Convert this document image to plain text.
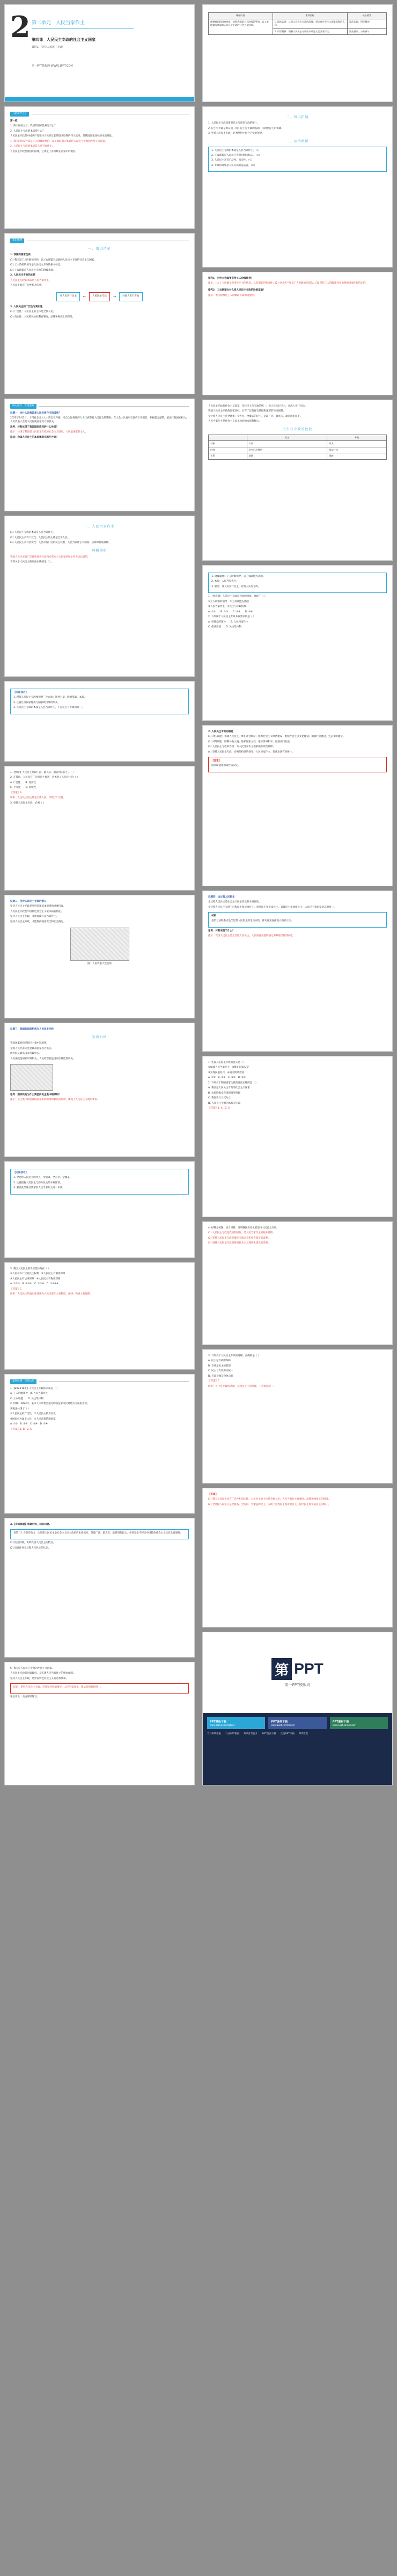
2 第二单元　人民当家作主
第四课　人民民主专政的社会主义国家
课时1　坚持人民民主专政
第一PPT模板网-WWW.1PPT.COM
【新知导入】

第一框

1. 新中国成立后，我国的国家性质是什么？

2. 人民民主专政的本质是什么？

人民民主专政是中国共产党领导人民经过长期奋斗取得的伟大成果，是我国国家政权的本质特征。

1. 我国的国家性质是工人阶级领导的、以工农联盟为基础的人民民主专政的社会主义国家。

2. 人民民主专政的本质是人民当家作主。

人民民主专政是我国的国体，它规定了各阶级在国家中的地位。

知识梳理
一、知识清单

1. 我国的国家性质

(1) 我国是工人阶级领导的、以工农联盟为基础的人民民主专政的社会主义国家。

(2) 工人阶级的领导是人民民主专政的根本标志。

(3) 工农联盟是人民民主专政的阶级基础。

2. 人民民主专政的本质

人民民主专政的本质是人民当家作主。

人民民主具有广泛性和真实性。

对人民实行民主	←	人民民主专政	→	对敌人实行专政

3. 人民民主的广泛性与真实性

(1) 广泛性：人民民主的主体是全体人民。

(2) 真实性：人民的民主权利有制度、法律和物质上的保障。

核心探究　讲透重难

议题一　为什么说我国是人民当家作主的国家？

2023年3月5日，十四届全国人大一次会议开幕。来自全国各地的人大代表带着人民群众的期盼，在大会上认真审议政府工作报告，积极建言献策，依法行使国家权力。人民代表大会是人民行使国家权力的机关。

思考：材料体现了我国国家政权的什么性质？

提示：体现了我国是人民民主专政的社会主义国家，人民是国家的主人。

追问：我国人民民主的本质体现在哪些方面？

一、人民当家作主

(1) 人民民主专政的本质是人民当家作主。

(2) 人民民主具有广泛性：人民民主的主体是全体人民。

(3) 人民民主具有真实性：人民享有广泛的民主权利，人民当家作主有制度、法律和物质保障。

典例剖析

我国人民民主的广泛性和真实性是西方资本主义国家的民主所无法比拟的。

下列关于人民民主的说法正确的是（ ）。

【方法技巧】

1. 理解人民民主专政要把握三个方面：领导力量、阶级基础、本质。

2. 注意区分国家性质与国家政权组织形式。

3. 人民民主专政的本质是人民当家作主，不是民主与专政的统一。

1.【判断】人民民主是最广泛、最真实、最管用的民主。（ ）

2. 在我国，人民享有广泛的民主权利，这体现了人民民主的（ ）

A. 广泛性　　B. 真实性

C. 平等性　　D. 阶级性

【答案】A

解析：人民民主的主体是全体人民，体现了广泛性。

3. 坚持人民民主专政，必须（ ）

议题二　坚持人民民主专政的意义

坚持人民民主专政是坚持四项基本原则的重要内容。

人民民主专政是中国特色社会主义最本质的特征。

坚持人民民主专政，才能保障人民当家作主。

坚持人民民主专政，才能维护国家安全和社会稳定。

图：人民代表大会会场

议题三　我国的国家机构与人民民主专政

知识归纳

我国国家机构坚持民主集中制原则。

全国人民代表大会是最高国家权力机关。

国务院是最高国家行政机关。

人民法院是国家审判机关，人民检察院是国家法律监督机关。

思考：国家机构为什么要坚持民主集中制原则？

提示：民主集中制是我国国家机构的组织和活动原则，体现了人民民主专政的要求。

【方法技巧】

1. 全过程人民民主的特点：全链条、全方位、全覆盖。

2. 注意把握人民民主与西方民主的本质区别。

3. 解答此类题目要紧扣人民当家作主这一本质。

3. 我国人民民主的真实性体现在（ ）

①人民享有广泛的民主权利　②人民民主有制度保障

③人民民主有法律保障　④人民民主有物质保障

A. ①②③　B. ①②④　C. ②③④　D. ①②③④

【答案】C

解析：人民民主的真实性体现为人民当家作主有制度、法律、物质上的保障。

课堂检测　当堂达标

1.【2023·湖北】人民民主专政的本质是（ ）

A. 工人阶级领导　B. 人民当家作主

C. 工农联盟　　D. 民主集中制

2. 材料：2023年，某市人大常委会通过网络征求市民对地方立法的意见。

该做法体现了（ ）

①人民民主的广泛性　②人民民主的真实性

③国家权力属于人民　④人民直接管理国家

A. ①②　B. ①③　C. ②④　D. ③④

【答案】1. B　2. A

4.【非选择题】阅读材料，回答问题。

党的二十大报告指出：全过程人民民主是社会主义民主政治的本质属性，是最广泛、最真实、最管用的民主。必须坚定不移走中国特色社会主义政治发展道路。

(1) 结合材料，说明我国人民民主的特点。

(2) 谈谈你对全过程人民民主的认识。

5. 我国是人民民主专政的社会主义国家。

人民民主专政的国家政权，是实现人民当家作主的根本保障。

坚持人民民主专政，是中国特色社会主义的必然要求。

结论：坚持人民民主专政，必须坚持党的领导、人民当家作主、依法治国有机统一。

课后作业：完成课时练习。

课标内容	素养目标	核心素养
阐释我国的国家性质，说明我国是工人阶级领导的、以工农联盟为基础的人民民主专政的社会主义国家。	1. 政治认同：认同人民民主专政的国体，坚定对社会主义国家政权的认同。	政治认同、科学精神
	2. 科学精神：理解人民民主专政的本质是人民当家作主。	法治意识、公共参与
二、知识拓展

1. 人民民主专政是新型民主与新型专政的统一。

2. 民主与专政是辩证统一的：民主是专政的基础，专政是民主的保障。

3. 坚持人民民主专政，必须坚持中国共产党的领导。

二、易错辨析

1. 人民民主专政的本质是人民当家作主。（√）

2. 工农联盟是人民民主专政的根本标志。（×）

3. 人民民主具有广泛性、真实性。（√）

4. 专政的对象是人民内部的违法者。（×）

探究1　为什么我国要坚持工人阶级领导？

提示：(1) 工人阶级是先进生产力的代表，具有彻底的革命性；(2) 中国共产党是工人阶级的先锋队；(3) 坚持工人阶级领导是由我国国家性质决定的。

探究2　工农联盟为什么是人民民主专政的阶级基础？

提示：农民阶级是工人阶级最可靠的同盟军。

人民民主专政的社会主义国家，坚持民主与专政的统一，对人民实行民主，对敌人实行专政。

我国人民民主专政的国家政权，具有广泛的群众基础和深厚的历史根基。

全过程人民民主是全链条、全方位、全覆盖的民主，是最广泛、最真实、最管用的民主。

人民当家作主是社会主义民主政治的本质和核心。

民主与专政的比较
	民主	专政
对象	人民	敌人
内容	享有广泛权利	依法打击
关系	基础	保障

1. 阶级属性：工人阶级领导，以工农联盟为基础。

2. 本质：人民当家作主。

3. 职能：对人民实行民主，对敌人实行专政。

1.（单选题）人民民主专政是我国的国体，体现了（ ）

①工人阶级的领导　②工农联盟为基础

③人民当家作主　④民主与专政的统一

A. ①②　　B. ①③　　C. ②④　　D. ③④

2. 下列属于人民民主专政本质要求的是（ ）

A. 坚持党的领导　　B. 人民当家作主

C. 依法治国　　D. 民主集中制

2. 人民民主专政的职能

(1) 对内职能：保障人民民主，维护社会秩序；组织社会主义经济建设；组织社会主义文化建设；加强社会建设、生态文明建设。

(2) 对外职能：防御外敌入侵，维护国家主权；维护世界和平，促进共同发展。

(3) 人民民主专政的作用：为人民当家作主提供根本政治保障。

(4) 坚持人民民主专政，必须坚持党的领导，人民当家作主，依法治国有机统一。

【注意】

国家职能由国家性质决定。

议题四　全过程人民民主

全过程人民民主是社会主义民主政治的本质属性。

全过程人民民主实现了过程民主和成果民主、程序民主和实质民主、直接民主和间接民主、人民民主和国家意志相统一。

材料

基层立法联系点是全过程人民民主的生动实践，群众意见直接进入国家立法。

思考：材料说明了什么？

提示：我国人民民主是全过程人民民主，人民的意见能够通过多种途径得到表达。

1. 坚持人民民主专政的意义是（ ）

①保障人民当家作主　②维护国家安全

③实现民族复兴　④消灭阶级差别

A. ①②　B. ①③　C. ②④　D. ③④

2. 下列关于我国国家性质的说法正确的是（ ）

A. 我国是人民民主专政的社会主义国家

B. 农民阶级是我国的领导阶级

C. 我国实行三权分立

D. 人民民主专政的本质是专政

【答案】1. A　2. A

4. 材料分析题：结合材料，说明我国为什么要坚持人民民主专政。

(1) 人民民主专政是我国的国体，是人民当家作主的根本保障。

(2) 坚持人民民主专政是维护国家安全和社会稳定的需要。

(3) 坚持人民民主专政是推进社会主义现代化建设的需要。

3. 下列关于人民民主专政的理解，正确的是（ ）

A. 民主是专政的保障

B. 专政是民主的前提

C. 民主与专政辩证统一

D. 专政对象是全体公民

【答案】C

解析：民主是专政的基础，专政是民主的保障，二者辩证统一。

【答案】

(1) 我国人民民主具有广泛性和真实性。人民民主的主体是全体人民；人民当家作主有制度、法律和物质上的保障。

(2) 全过程人民民主是全链条、全方位、全覆盖的民主，实现了过程民主和成果民主、程序民主和实质民主的统一。

第 PPT
第一PPT模板网
PPT模板下载
www.1ppt.com/moban/
PPT课件下载
www.1ppt.com/kejian/
PPT素材下载
www.1ppt.com/sucai/
节日PPT模板 行业PPT模板 PPT背景图片 PPT图表下载 优秀PPT下载 PPT教程
